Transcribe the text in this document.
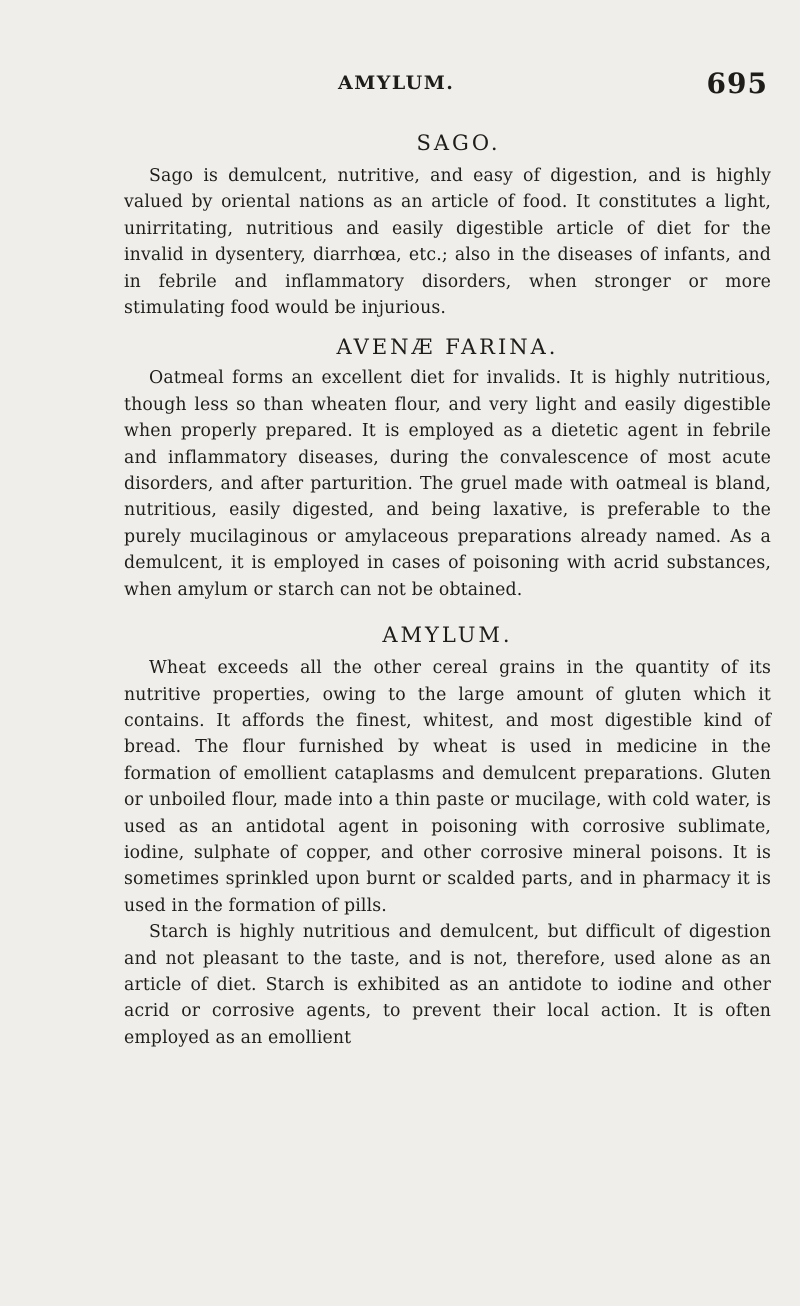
AMYLUM.	695
SAGO.

Sago is demulcent, nutritive, and easy of digestion, and is highly valued by oriental nations as an article of food. It constitutes a light, unirritating, nutritious and easily digestible article of diet for the invalid in dysentery, diarrhœa, etc.; also in the diseases of infants, and in febrile and inflammatory disorders, when stronger or more stimulating food would be injurious.

AVENÆ FARINA.

Oatmeal forms an excellent diet for invalids. It is highly nutritious, though less so than wheaten flour, and very light and easily digestible when properly prepared. It is employed as a dietetic agent in febrile and inflammatory diseases, during the convalescence of most acute disorders, and after parturition. The gruel made with oatmeal is bland, nutritious, easily digested, and being laxative, is preferable to the purely mucilaginous or amylaceous preparations already named. As a demulcent, it is employed in cases of poisoning with acrid substances, when amylum or starch can not be obtained.

AMYLUM.

Wheat exceeds all the other cereal grains in the quantity of its nutritive properties, owing to the large amount of gluten which it contains. It affords the finest, whitest, and most digestible kind of bread. The flour furnished by wheat is used in medicine in the formation of emollient cataplasms and demulcent preparations. Gluten or unboiled flour, made into a thin paste or mucilage, with cold water, is used as an antidotal agent in poisoning with corrosive sublimate, iodine, sulphate of copper, and other corrosive mineral poisons. It is sometimes sprinkled upon burnt or scalded parts, and in pharmacy it is used in the formation of pills.

Starch is highly nutritious and demulcent, but difficult of digestion and not pleasant to the taste, and is not, therefore, used alone as an article of diet. Starch is exhibited as an antidote to iodine and other acrid or corrosive agents, to prevent their local action. It is often employed as an emollient
